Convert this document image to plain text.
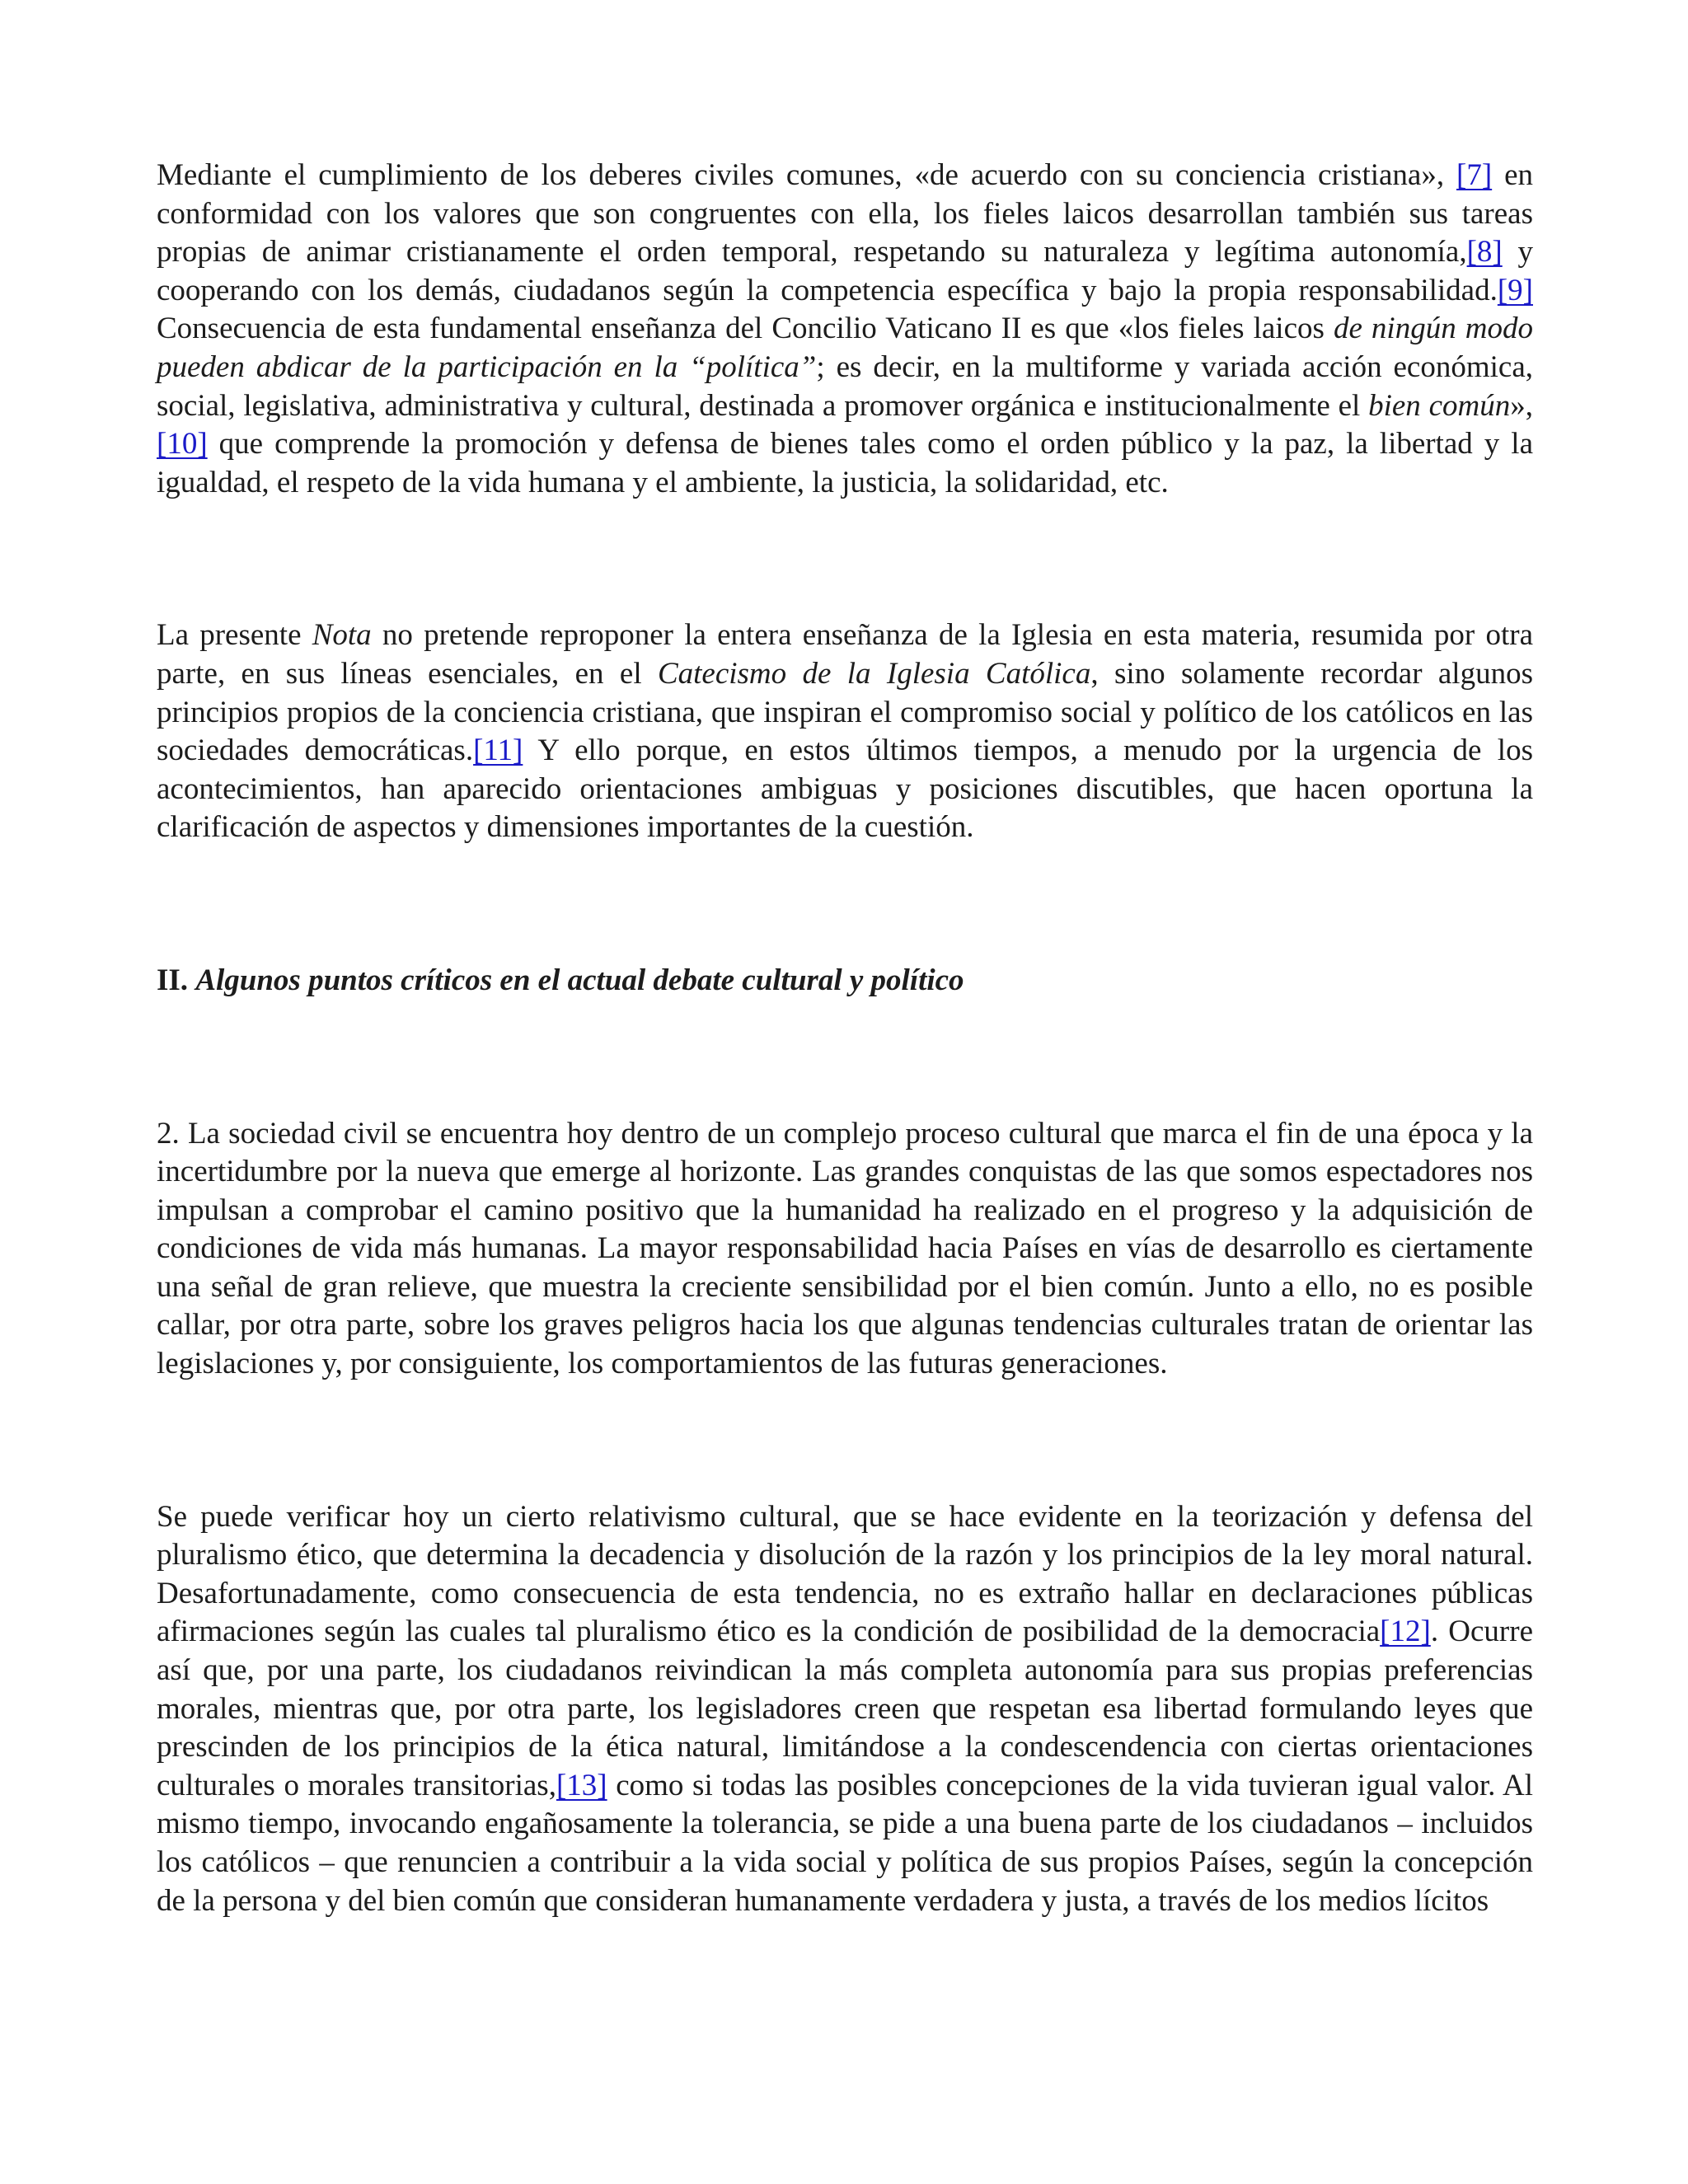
Mediante el cumplimiento de los deberes civiles comunes, «de acuerdo con su conciencia cristiana», [7] en conformidad con los valores que son congruentes con ella, los fieles laicos desarrollan también sus tareas propias de animar cristianamente el orden temporal, respetando su naturaleza y legítima autonomía,[8] y cooperando con los demás, ciudadanos según la competencia específica y bajo la propia responsabilidad.[9] Consecuencia de esta fundamental enseñanza del Concilio Vaticano II es que «los fieles laicos de ningún modo pueden abdicar de la participación en la “política”; es decir, en la multiforme y variada acción económica, social, legislativa, administrativa y cultural, destinada a promover orgánica e institucionalmente el bien común»,[10] que comprende la promoción y defensa de bienes tales como el orden público y la paz, la libertad y la igualdad, el respeto de la vida humana y el ambiente, la justicia, la solidaridad, etc.

La presente Nota no pretende reproponer la entera enseñanza de la Iglesia en esta materia, resumida por otra parte, en sus líneas esenciales, en el Catecismo de la Iglesia Católica, sino solamente recordar algunos principios propios de la conciencia cristiana, que inspiran el compromiso social y político de los católicos en las sociedades democráticas.[11] Y ello porque, en estos últimos tiempos, a menudo por la urgencia de los acontecimientos, han aparecido orientaciones ambiguas y posiciones discutibles, que hacen oportuna la clarificación de aspectos y dimensiones importantes de la cuestión.

II. Algunos puntos críticos en el actual debate cultural y político

2. La sociedad civil se encuentra hoy dentro de un complejo proceso cultural que marca el fin de una época y la incertidumbre por la nueva que emerge al horizonte. Las grandes conquistas de las que somos espectadores nos impulsan a comprobar el camino positivo que la humanidad ha realizado en el progreso y la adquisición de condiciones de vida más humanas. La mayor responsabilidad hacia Países en vías de desarrollo es ciertamente una señal de gran relieve, que muestra la creciente sensibilidad por el bien común. Junto a ello, no es posible callar, por otra parte, sobre los graves peligros hacia los que algunas tendencias culturales tratan de orientar las legislaciones y, por consiguiente, los comportamientos de las futuras generaciones.

Se puede verificar hoy un cierto relativismo cultural, que se hace evidente en la teorización y defensa del pluralismo ético, que determina la decadencia y disolución de la razón y los principios de la ley moral natural. Desafortunadamente, como consecuencia de esta tendencia, no es extraño hallar en declaraciones públicas afirmaciones según las cuales tal pluralismo ético es la condición de posibilidad de la democracia[12]. Ocurre así que, por una parte, los ciudadanos reivindican la más completa autonomía para sus propias preferencias morales, mientras que, por otra parte, los legisladores creen que respetan esa libertad formulando leyes que prescinden de los principios de la ética natural, limitándose a la condescendencia con ciertas orientaciones culturales o morales transitorias,[13] como si todas las posibles concepciones de la vida tuvieran igual valor. Al mismo tiempo, invocando engañosamente la tolerancia, se pide a una buena parte de los ciudadanos – incluidos los católicos – que renuncien a contribuir a la vida social y política de sus propios Países, según la concepción de la persona y del bien común que consideran humanamente verdadera y justa, a través de los medios lícitos
